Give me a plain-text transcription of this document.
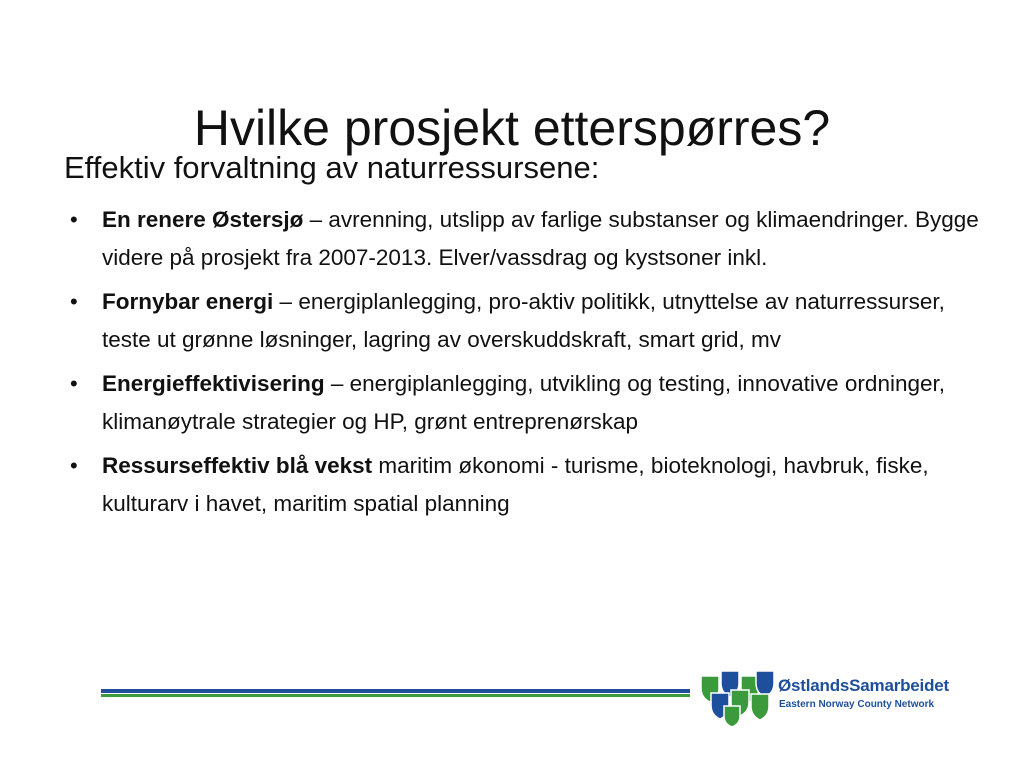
Hvilke prosjekt etterspørres?
Effektiv forvaltning av naturressursene:
• En renere Østersjø – avrenning, utslipp av farlige substanser og klimaendringer. Bygge videre på prosjekt fra 2007-2013. Elver/vassdrag og kystsoner inkl.
• Fornybar energi – energiplanlegging, pro-aktiv politikk, utnyttelse av naturressurser, teste ut grønne løsninger, lagring av overskuddskraft, smart grid, mv
• Energieffektivisering – energiplanlegging, utvikling og testing, innovative ordninger, klimanøytrale strategier og HP, grønt entreprenørskap
• Ressurseffektiv blå vekst maritim økonomi - turisme, bioteknologi, havbruk, fiske, kulturarv i havet, maritim spatial planning
ØstlandsSamarbeidet
Eastern Norway County Network
